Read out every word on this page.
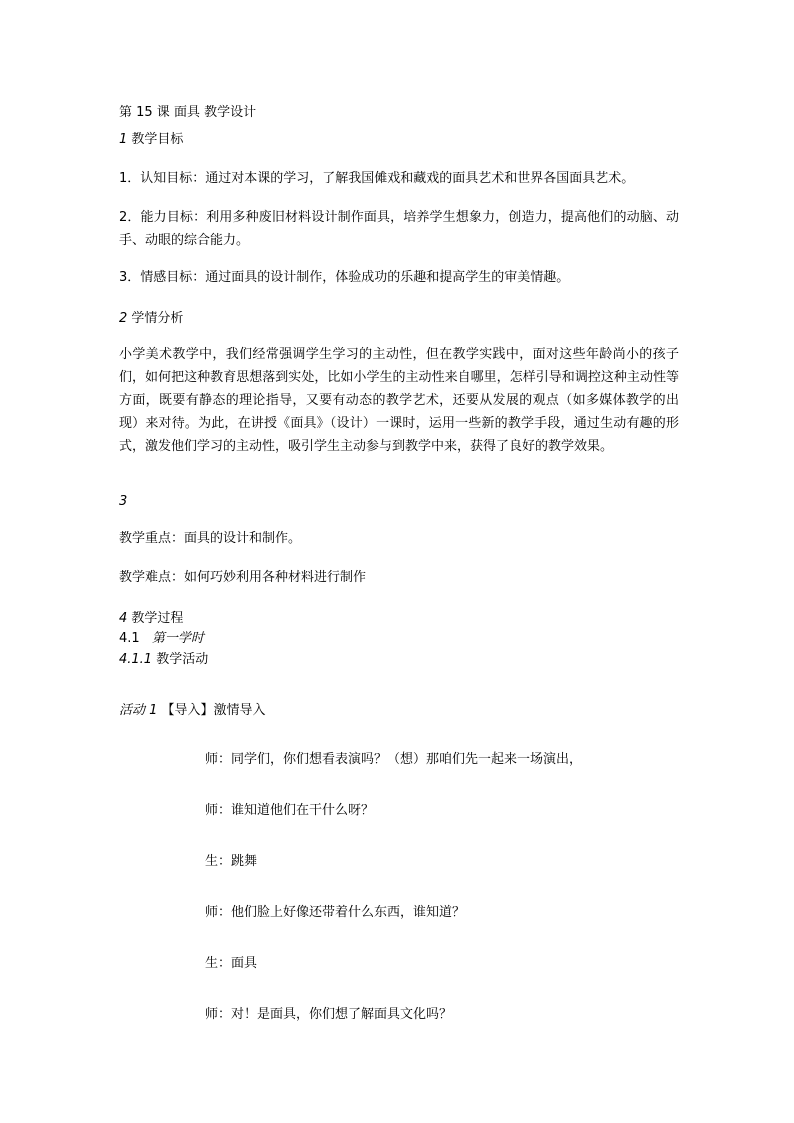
第 15 课 面具 教学设计
1 教学目标
1．认知目标：通过对本课的学习，了解我国傩戏和藏戏的面具艺术和世界各国面具艺术。
2．能力目标：利用多种废旧材料设计制作面具，培养学生想象力，创造力，提高他们的动脑、动手、动眼的综合能力。
3．情感目标：通过面具的设计制作，体验成功的乐趣和提高学生的审美情趣。
2 学情分析
小学美术教学中，我们经常强调学生学习的主动性，但在教学实践中，面对这些年龄尚小的孩子们，如何把这种教育思想落到实处，比如小学生的主动性来自哪里，怎样引导和调控这种主动性等方面，既要有静态的理论指导，又要有动态的教学艺术，还要从发展的观点（如多媒体教学的出现）来对待。为此，在讲授《面具》（设计）一课时，运用一些新的教学手段，通过生动有趣的形式，激发他们学习的主动性，吸引学生主动参与到教学中来，获得了良好的教学效果。
3
教学重点：面具的设计和制作。
教学难点：如何巧妙利用各种材料进行制作
4 教学过程
4.1 第一学时
4.1.1 教学活动
活动 1 【导入】激情导入
师：同学们，你们想看表演吗？（想）那咱们先一起来一场演出，
师：谁知道他们在干什么呀？
生：跳舞
师：他们脸上好像还带着什么东西，谁知道？
生：面具
师：对！是面具，你们想了解面具文化吗？
